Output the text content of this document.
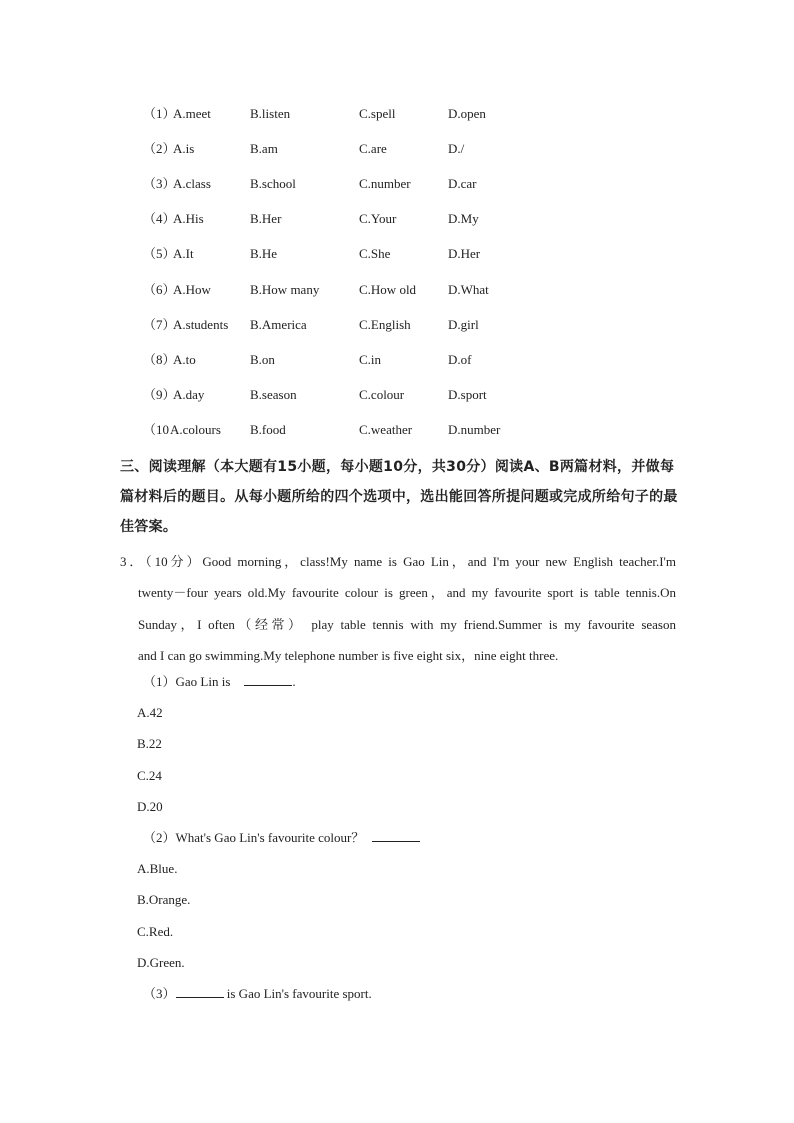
（1）
A.meet	B.listen	C.spell	D.open
（2）
A.is	B.am	C.are	D./
（3）
A.class	B.school	C.number	D.car
（4）
A.His	B.Her	C.Your	D.My
（5）
A.It	B.He	C.She	D.Her
（6）
A.How	B.How many	C.How old D.What
（7）
A.students B.America	C.English	D.girl
（8）
A.to	B.on	C.in	D.of
（9）
A.day	B.season	C.colour	D.sport
（10 A.colours B.food	C.weather	D.number
三、阅读理解（本大题有15小题，每小题10分，共30分）阅读A、B两篇材料，并做每篇材料后的题目。从每小题所给的四个选项中，选出能回答所提问题或完成所给句子的最佳答案。

3．（10分）Good morning，class!My name is Gao Lin，and I'm your new English teacher.I'm

twenty－four years old.My favourite colour is green，and my favourite sport is table tennis.On

Sunday，I often（经常） play table tennis with my friend.Summer is my favourite season

and I can go swimming.My telephone number is five eight six，nine eight three.

（1）Gao Lin is	.
A.42
B.22
C.24
D.20
（2）What's Gao Lin's favourite colour？
A.Blue.
B.Orange.
C.Red.
D.Green.
（3）	is Gao Lin's favourite sport.
